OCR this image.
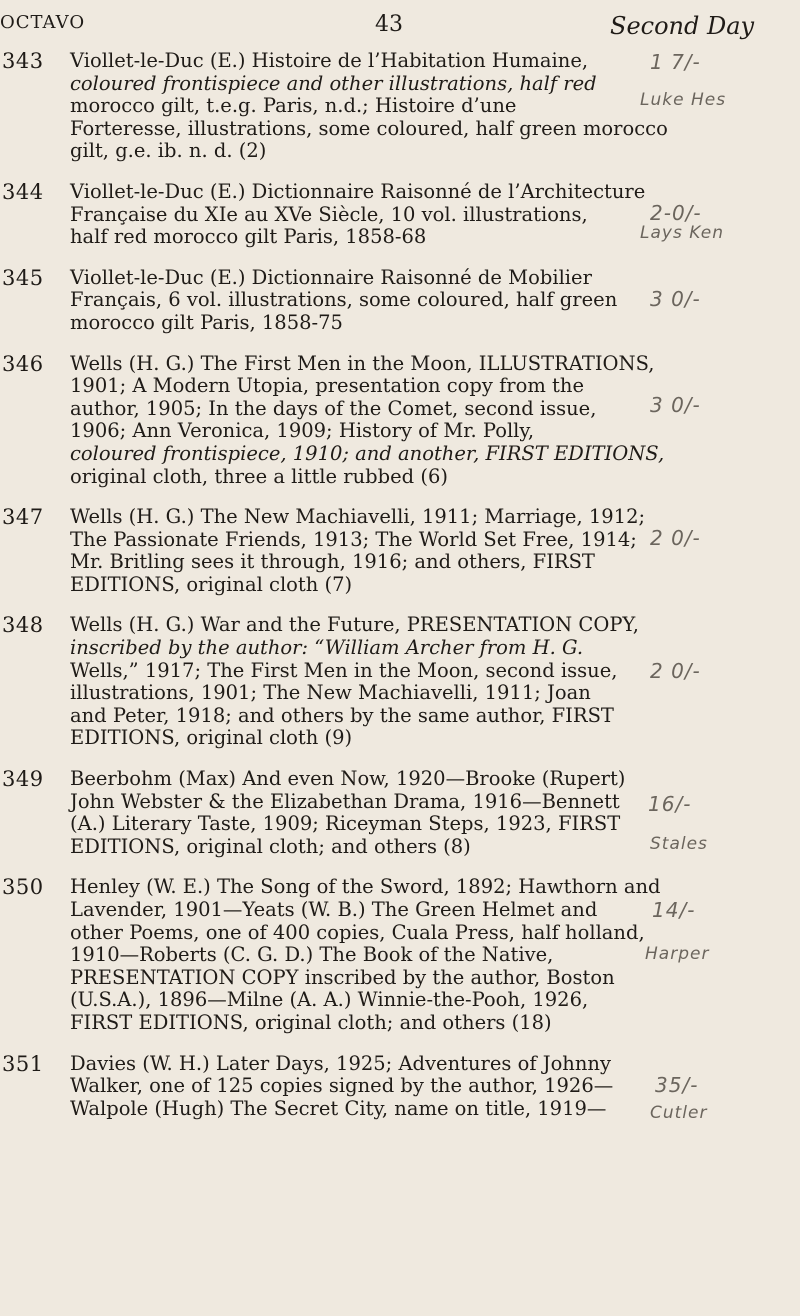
OCTAVO	43	Second Day
343	Viollet-le-Duc (E.) Histoire de l’Habitation Humaine,
coloured frontispiece and other illustrations, half red
morocco gilt, t.e.g. Paris, n.d.; Histoire d’une
Forteresse, illustrations, some coloured, half green morocco
gilt, g.e. ib. n. d. (2)
1 7/-
Luke Hes
344	Viollet-le-Duc (E.) Dictionnaire Raisonné de l’Architecture
Française du XIe au XVe Siècle, 10 vol. illustrations,
half red morocco gilt Paris, 1858-68
2-0/-
Lays Ken
345	Viollet-le-Duc (E.) Dictionnaire Raisonné de Mobilier
Français, 6 vol. illustrations, some coloured, half green
morocco gilt Paris, 1858-75
3 0/-
346	Wells (H. G.) The First Men in the Moon, ILLUSTRATIONS,
1901; A Modern Utopia, presentation copy from the
author, 1905; In the days of the Comet, second issue,
1906; Ann Veronica, 1909; History of Mr. Polly,
coloured frontispiece, 1910; and another, FIRST EDITIONS,
original cloth, three a little rubbed (6)
3 0/-
347	Wells (H. G.) The New Machiavelli, 1911; Marriage, 1912;
The Passionate Friends, 1913; The World Set Free, 1914;
Mr. Britling sees it through, 1916; and others, FIRST
EDITIONS, original cloth (7)
2 0/-
348	Wells (H. G.) War and the Future, PRESENTATION COPY,
inscribed by the author: “William Archer from H. G.
Wells,” 1917; The First Men in the Moon, second issue,
illustrations, 1901; The New Machiavelli, 1911; Joan
and Peter, 1918; and others by the same author, FIRST
EDITIONS, original cloth (9)
2 0/-
349	Beerbohm (Max) And even Now, 1920—Brooke (Rupert)
John Webster & the Elizabethan Drama, 1916—Bennett
(A.) Literary Taste, 1909; Riceyman Steps, 1923, FIRST
EDITIONS, original cloth; and others (8)
16/-
Stales
350	Henley (W. E.) The Song of the Sword, 1892; Hawthorn and
Lavender, 1901—Yeats (W. B.) The Green Helmet and
other Poems, one of 400 copies, Cuala Press, half holland,
1910—Roberts (C. G. D.) The Book of the Native,
PRESENTATION COPY inscribed by the author, Boston
(U.S.A.), 1896—Milne (A. A.) Winnie-the-Pooh, 1926,
FIRST EDITIONS, original cloth; and others (18)
14/-
Harper
351	Davies (W. H.) Later Days, 1925; Adventures of Johnny
Walker, one of 125 copies signed by the author, 1926—
Walpole (Hugh) The Secret City, name on title, 1919—
35/-
Cutler
